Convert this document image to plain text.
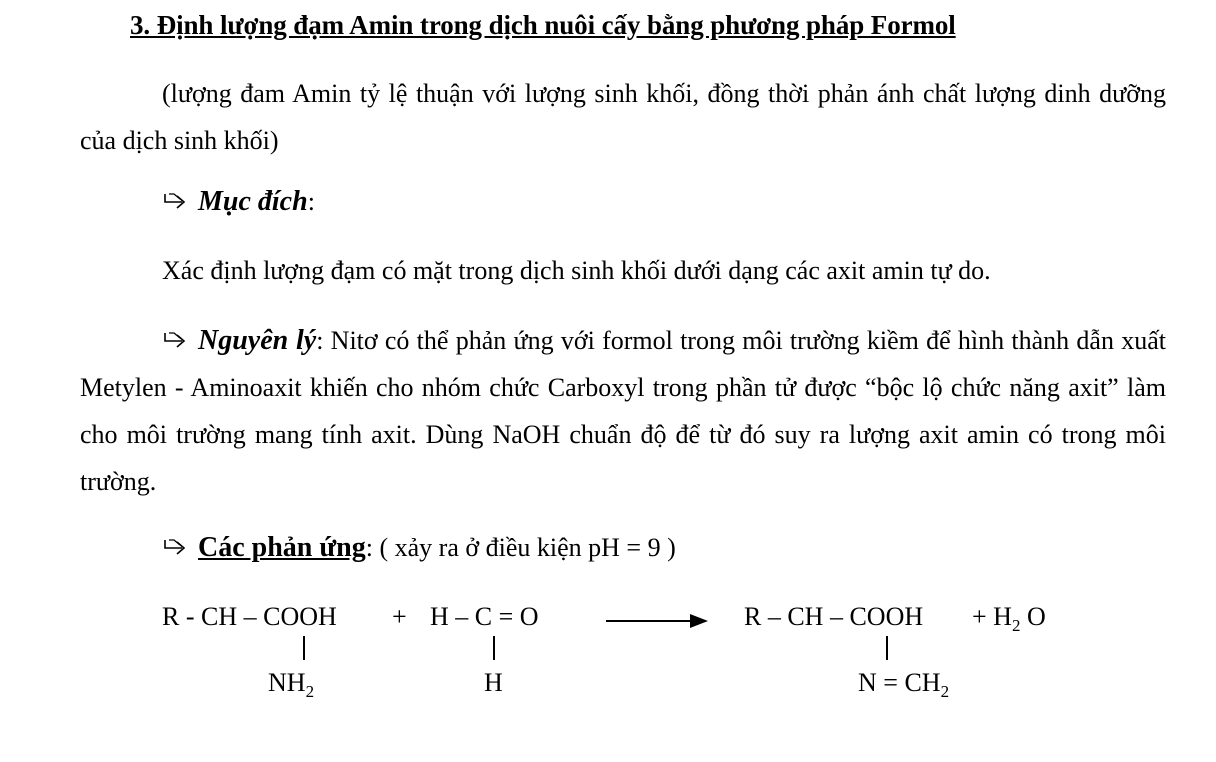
3. Định lượng đạm Amin trong dịch nuôi cấy bằng phương pháp Formol
(lượng đam Amin tỷ lệ thuận với lượng sinh khối, đồng thời phản ánh chất lượng dinh dưỡng của dịch sinh khối)
Mục đích:
Xác định lượng đạm có mặt trong dịch sinh khối dưới dạng các axit amin tự do.
Nguyên lý: Nitơ có thể phản ứng với formol trong môi trường kiềm để hình thành dẫn xuất Metylen - Aminoaxit khiến cho nhóm chức Carboxyl trong phần tử được “bộc lộ chức năng axit” làm cho môi trường mang tính axit. Dùng NaOH chuẩn độ để từ đó suy ra lượng axit amin có trong môi trường.
Các phản ứng: ( xảy ra ở điều kiện pH = 9 )
R - CH – COOH + H – C = O
$NH_2$	H
R – CH – COOH + $H_2$ O
$N = CH_2$
